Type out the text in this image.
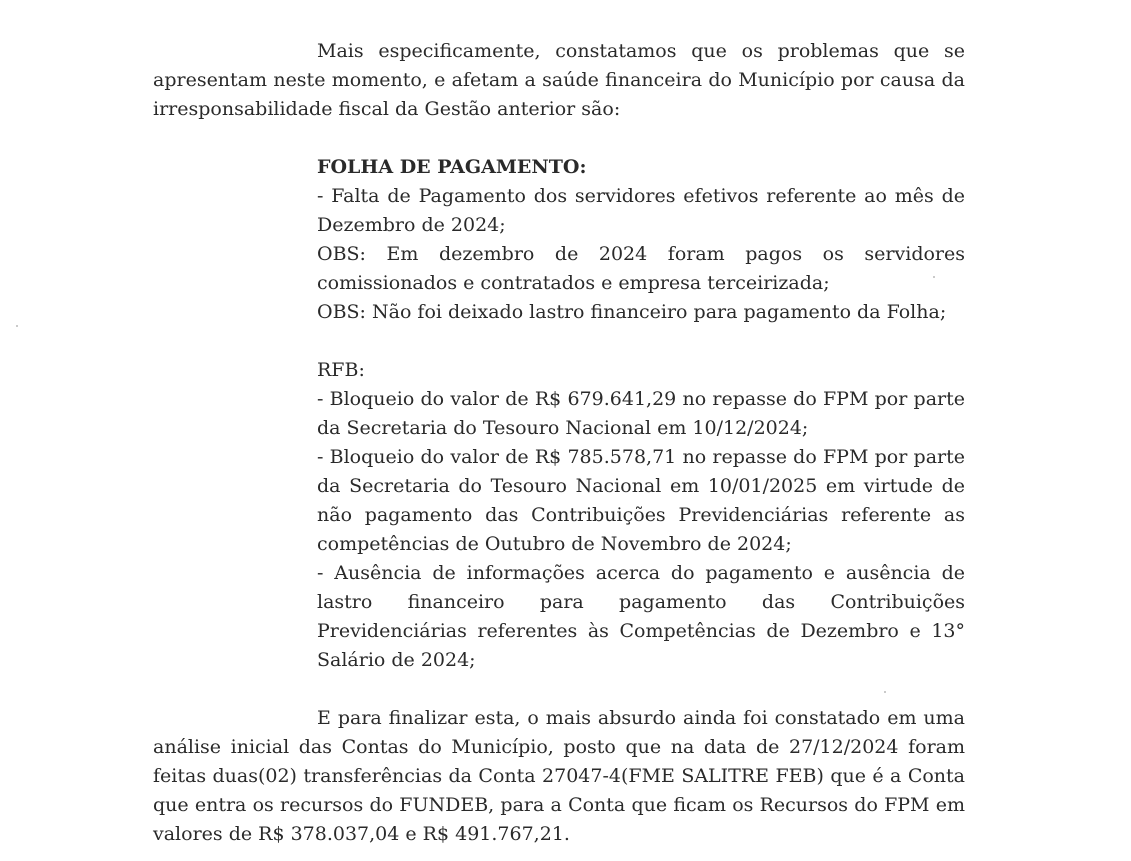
Mais especificamente, constatamos que os problemas que se
apresentam neste momento, e afetam a saúde financeira do Município por causa da
irresponsabilidade fiscal da Gestão anterior são:
FOLHA DE PAGAMENTO:
- Falta de Pagamento dos servidores efetivos referente ao mês de
Dezembro de 2024;
OBS: Em dezembro de 2024 foram pagos os servidores
comissionados e contratados e empresa terceirizada;
OBS: Não foi deixado lastro financeiro para pagamento da Folha;
RFB:
- Bloqueio do valor de R$ 679.641,29 no repasse do FPM por parte
da Secretaria do Tesouro Nacional em 10/12/2024;
- Bloqueio do valor de R$ 785.578,71 no repasse do FPM por parte
da Secretaria do Tesouro Nacional em 10/01/2025 em virtude de
não pagamento das Contribuições Previdenciárias referente as
competências de Outubro de Novembro de 2024;
- Ausência de informações acerca do pagamento e ausência de
lastro financeiro para pagamento das Contribuições
Previdenciárias referentes às Competências de Dezembro e 13°
Salário de 2024;
E para finalizar esta, o mais absurdo ainda foi constatado em uma
análise inicial das Contas do Município, posto que na data de 27/12/2024 foram
feitas duas(02) transferências da Conta 27047-4(FME SALITRE FEB) que é a Conta
que entra os recursos do FUNDEB, para a Conta que ficam os Recursos do FPM em
valores de R$ 378.037,04 e R$ 491.767,21.
